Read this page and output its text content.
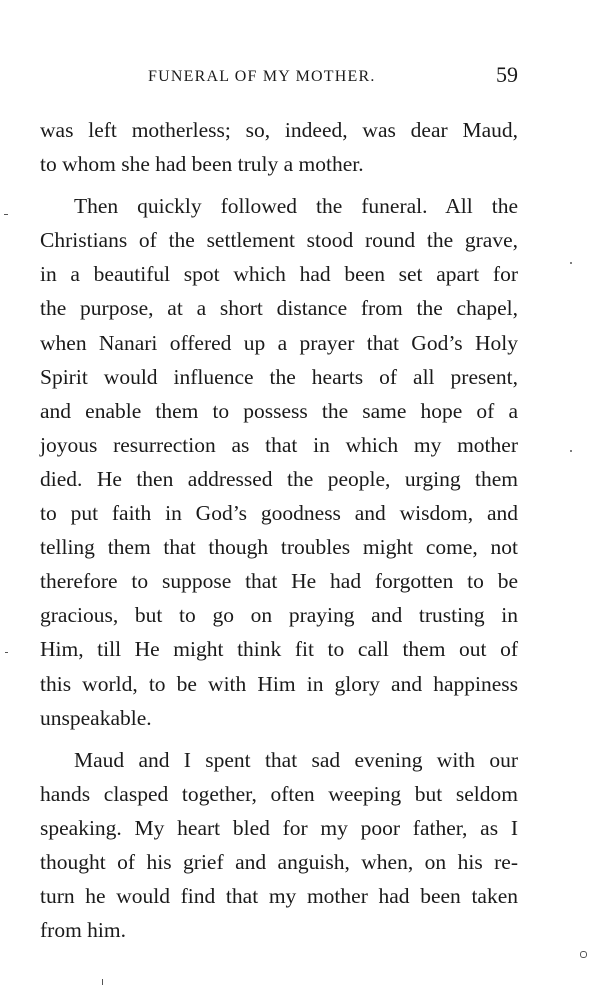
FUNERAL OF MY MOTHER.	59
was left motherless; so, indeed, was dear Maud,
to whom she had been truly a mother.
Then quickly followed the funeral. All the
Christians of the settlement stood round the grave,
in a beautiful spot which had been set apart for
the purpose, at a short distance from the chapel,
when Nanari offered up a prayer that God’s Holy
Spirit would influence the hearts of all present,
and enable them to possess the same hope of a
joyous resurrection as that in which my mother
died. He then addressed the people, urging them
to put faith in God’s goodness and wisdom, and
telling them that though troubles might come, not
therefore to suppose that He had forgotten to be
gracious, but to go on praying and trusting in
Him, till He might think fit to call them out of
this world, to be with Him in glory and happiness
unspeakable.
Maud and I spent that sad evening with our
hands clasped together, often weeping but seldom
speaking. My heart bled for my poor father, as I
thought of his grief and anguish, when, on his re-
turn he would find that my mother had been taken
from him.
